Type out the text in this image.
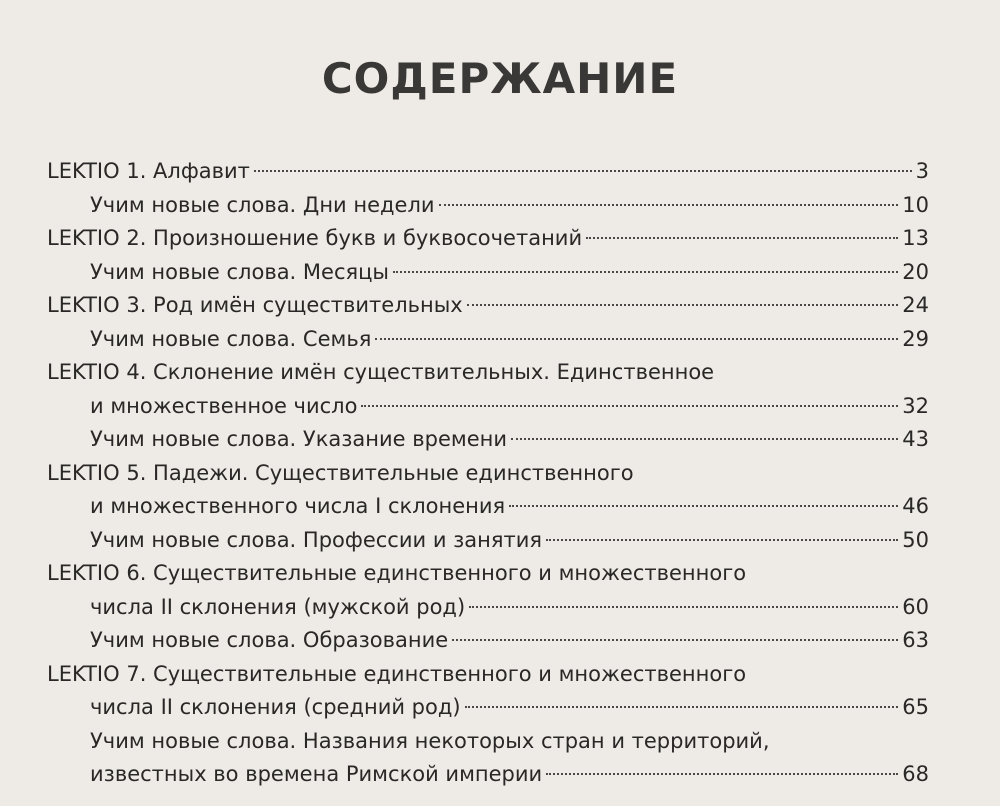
СОДЕРЖАНИЕ
LEKTIO 1. Алфавит	3
Учим новые слова. Дни недели	10
LEKTIO 2. Произношение букв и буквосочетаний	13
Учим новые слова. Месяцы	20
LEKTIO 3. Род имён существительных	24
Учим новые слова. Семья	29
LEKTIO 4. Склонение имён существительных. Единственное
и множественное число	32
Учим новые слова. Указание времени	43
LEKTIO 5. Падежи. Существительные единственного
и множественного числа I склонения	46
Учим новые слова. Профессии и занятия	50
LEKTIO 6. Существительные единственного и множественного
числа II склонения (мужской род)	60
Учим новые слова. Образование	63
LEKTIO 7. Существительные единственного и множественного
числа II склонения (средний род)	65
Учим новые слова. Названия некоторых стран и территорий,
известных во времена Римской империи	68
